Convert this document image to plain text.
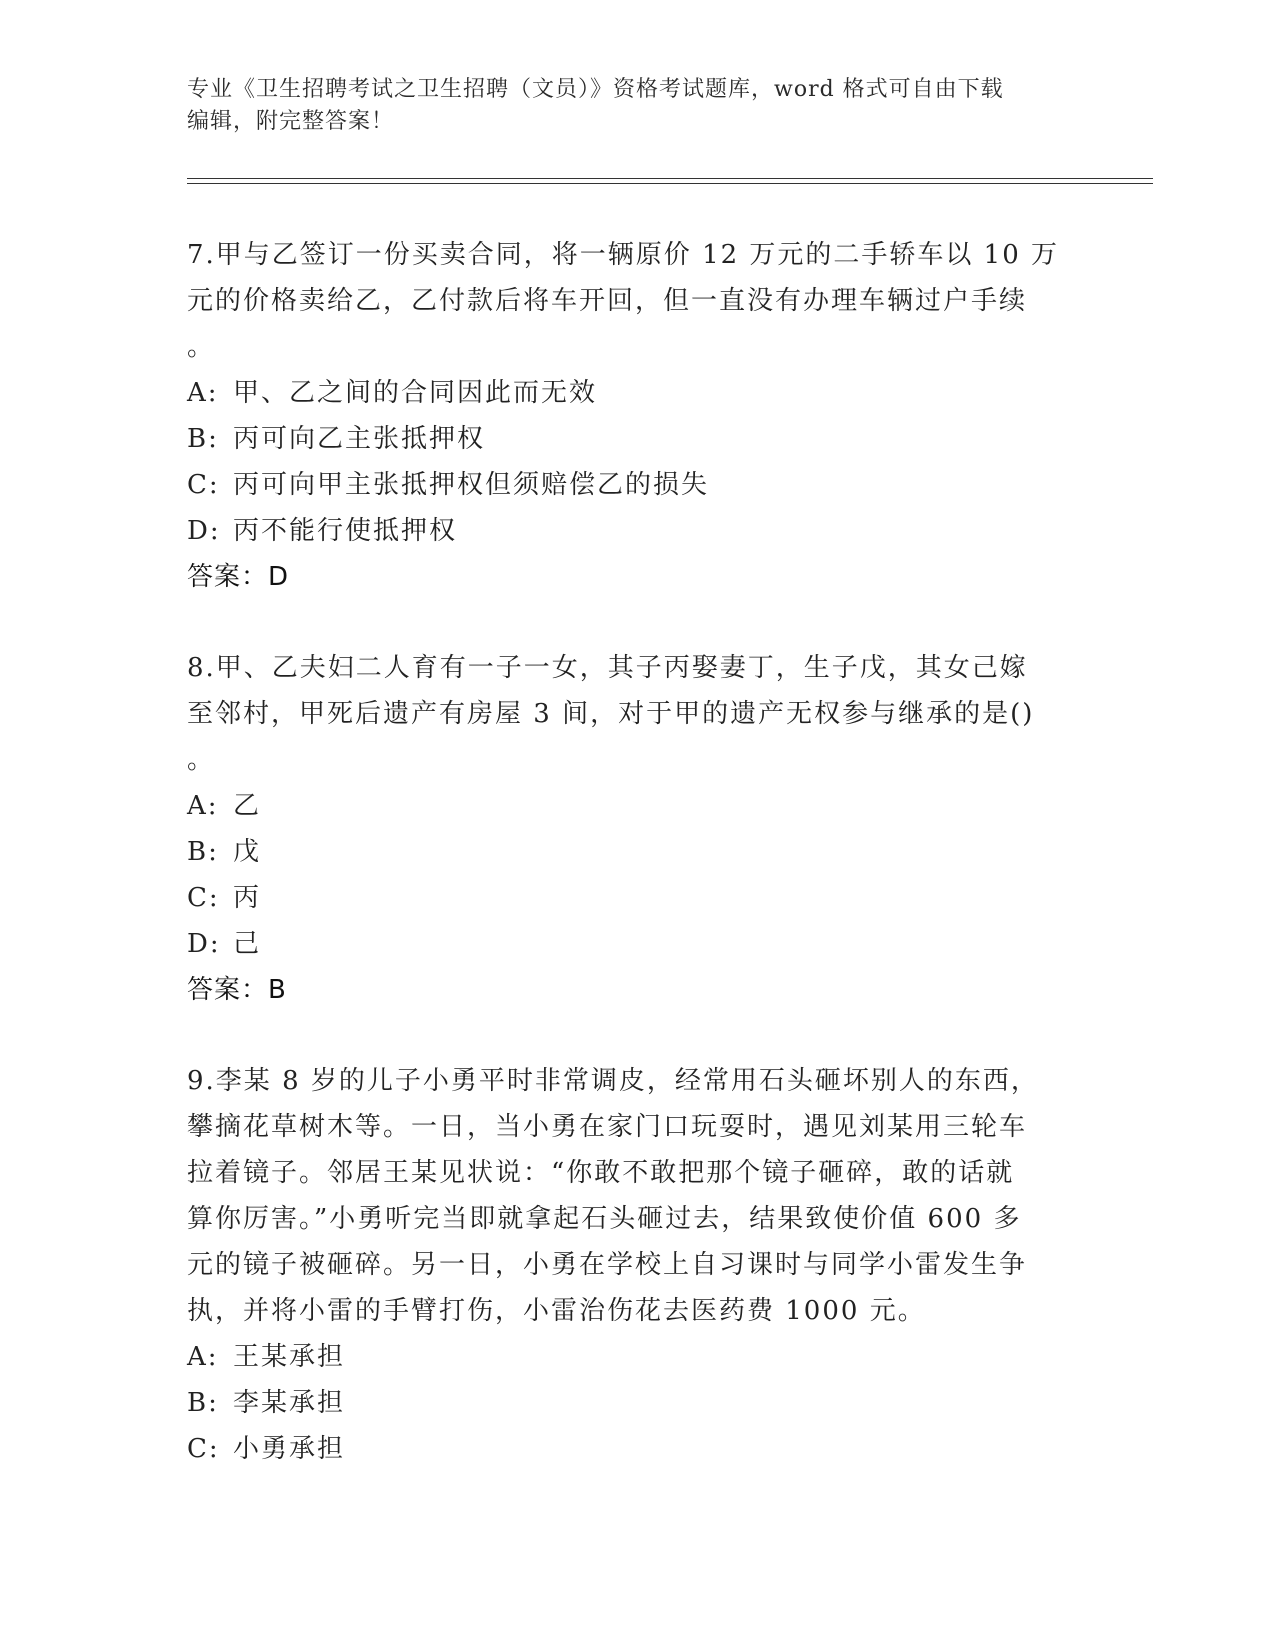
专业《卫生招聘考试之卫生招聘（文员）》资格考试题库，word 格式可自由下载
编辑，附完整答案！
7.甲与乙签订一份买卖合同，将一辆原价 12 万元的二手轿车以 10 万
元的价格卖给乙，乙付款后将车开回，但一直没有办理车辆过户手续
。
A: 甲、乙之间的合同因此而无效
B: 丙可向乙主张抵押权
C: 丙可向甲主张抵押权但须赔偿乙的损失
D: 丙不能行使抵押权
答案：D
8.甲、乙夫妇二人育有一子一女，其子丙娶妻丁，生子戊，其女己嫁
至邻村，甲死后遗产有房屋 3 间，对于甲的遗产无权参与继承的是()
。
A: 乙
B: 戊
C: 丙
D: 己
答案：B
9.李某 8 岁的儿子小勇平时非常调皮，经常用石头砸坏别人的东西，
攀摘花草树木等。一日，当小勇在家门口玩耍时，遇见刘某用三轮车
拉着镜子。邻居王某见状说：“你敢不敢把那个镜子砸碎，敢的话就
算你厉害。”小勇听完当即就拿起石头砸过去，结果致使价值 600 多
元的镜子被砸碎。另一日，小勇在学校上自习课时与同学小雷发生争
执，并将小雷的手臂打伤，小雷治伤花去医药费 1000 元。
A: 王某承担
B: 李某承担
C: 小勇承担
